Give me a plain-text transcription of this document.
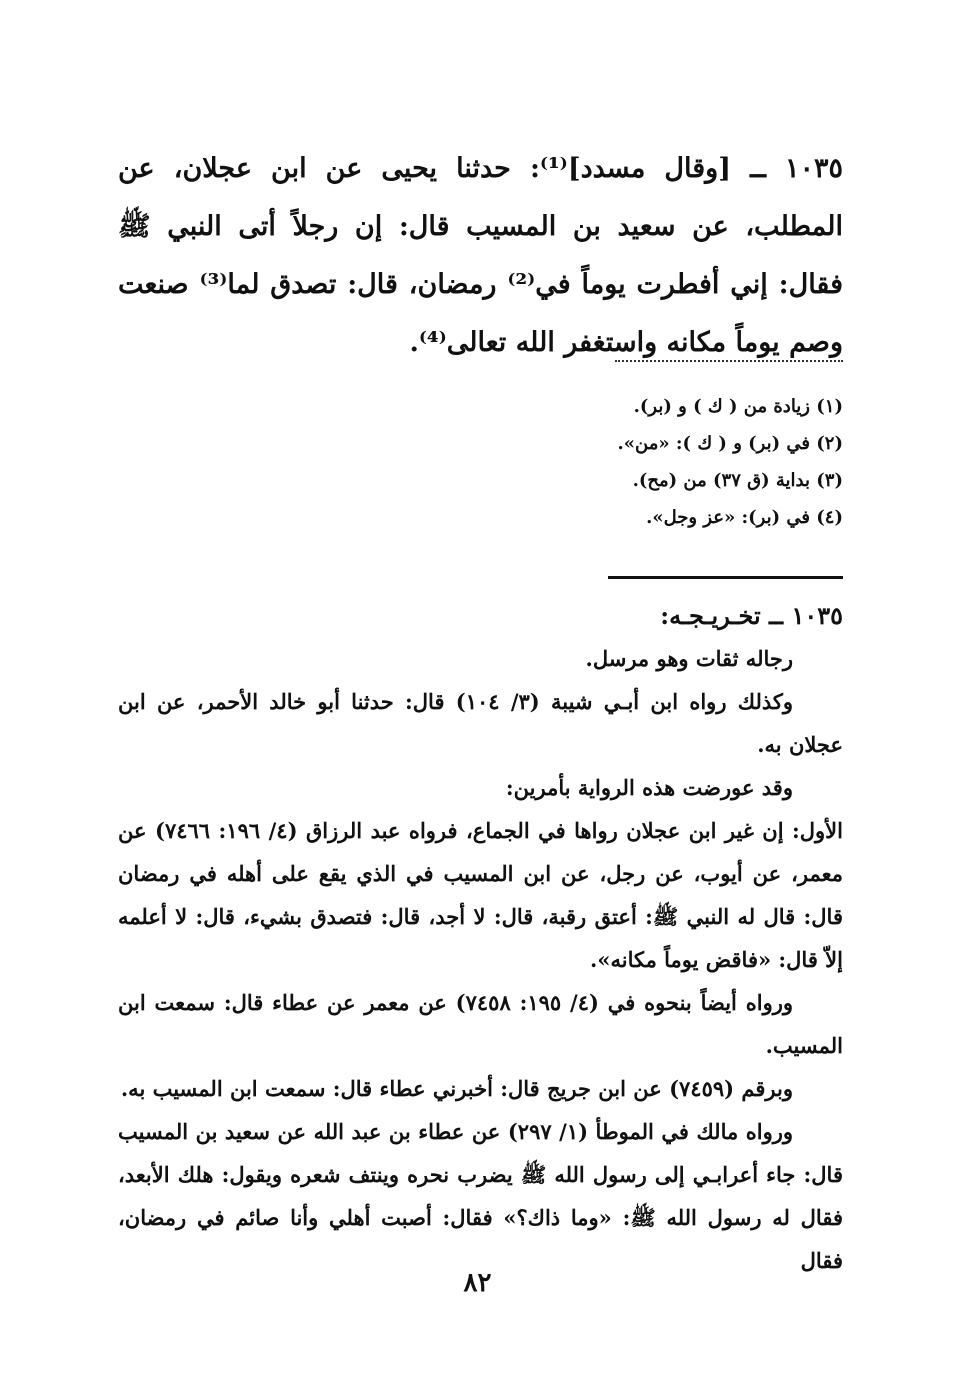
١٠٣٥ ــ [وقال مسدد]⁽¹⁾: حدثنا يحيى عن ابن عجلان، عن المطلب، عن سعيد بن المسيب قال: إن رجلاً أتى النبي ﷺ فقال: إني أفطرت يوماً في⁽²⁾ رمضان، قال: تصدق لما⁽³⁾ صنعت وصم يوماً مكانه واستغفر الله تعالى⁽⁴⁾.

(١) زيادة من ( ك ) و (بر).
(٢) في (بر) و ( ك ): «من».
(٣) بداية (ق ٣٧) من (مح).
(٤) في (بر): «عز وجل».

١٠٣٥ ــ تخـريـجـه:

رجاله ثقات وهو مرسل.

وكذلك رواه ابن أبـي شيبة (٣/ ١٠٤) قال: حدثنا أبو خالد الأحمر، عن ابن عجلان به.

وقد عورضت هذه الرواية بأمرين:

الأول: إن غير ابن عجلان رواها في الجماع، فرواه عبد الرزاق (٤/ ١٩٦: ٧٤٦٦) عن معمر، عن أيوب، عن رجل، عن ابن المسيب في الذي يقع على أهله في رمضان قال: قال له النبي ﷺ: أعتق رقبة، قال: لا أجد، قال: فتصدق بشيء، قال: لا أعلمه إلاّ قال: «فاقض يوماً مكانه».

ورواه أيضاً بنحوه في (٤/ ١٩٥: ٧٤٥٨) عن معمر عن عطاء قال: سمعت ابن المسيب.

وبرقم (٧٤٥٩) عن ابن جريج قال: أخبرني عطاء قال: سمعت ابن المسيب به.

ورواه مالك في الموطأ (١/ ٢٩٧) عن عطاء بن عبد الله عن سعيد بن المسيب قال: جاء أعرابـي إلى رسول الله ﷺ يضرب نحره وينتف شعره ويقول: هلك الأبعد، فقال له رسول الله ﷺ: «وما ذاك؟» فقال: أصبت أهلي وأنا صائم في رمضان، فقال

٨٢
